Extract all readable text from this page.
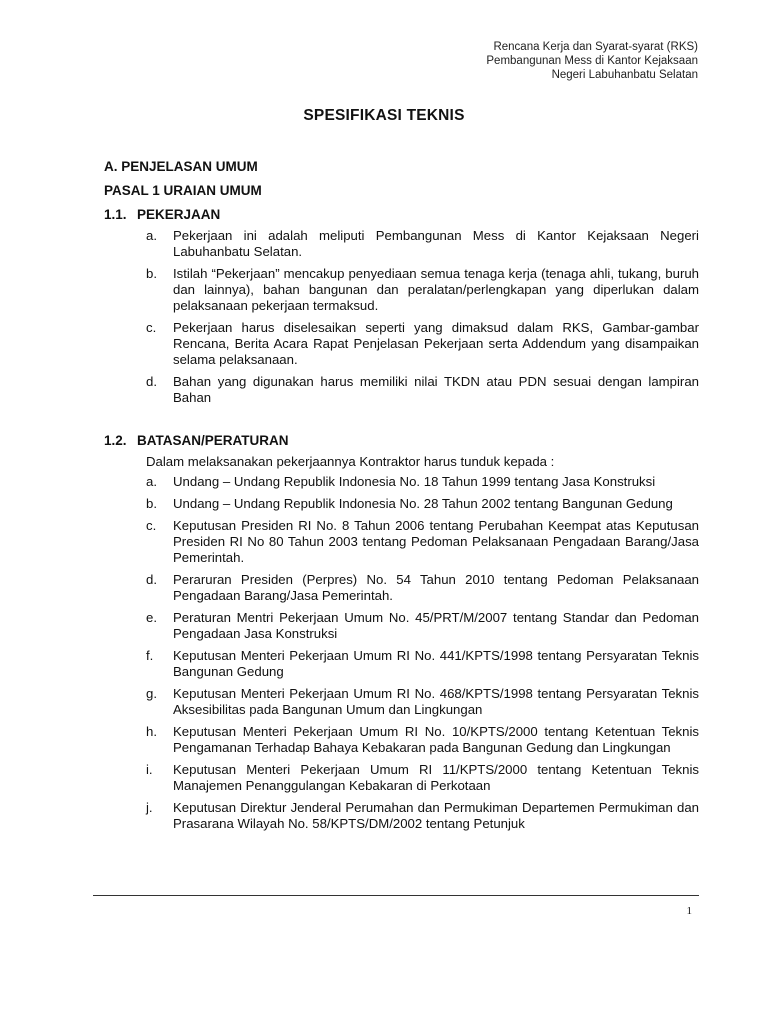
Rencana Kerja dan Syarat-syarat (RKS)
Pembangunan Mess di Kantor Kejaksaan
Negeri Labuhanbatu Selatan
SPESIFIKASI TEKNIS
A. PENJELASAN UMUM
PASAL 1 URAIAN UMUM
1.1. PEKERJAAN
a.	Pekerjaan ini adalah meliputi Pembangunan Mess di Kantor Kejaksaan Negeri Labuhanbatu Selatan.
b.	Istilah “Pekerjaan” mencakup penyediaan semua tenaga kerja (tenaga ahli, tukang, buruh dan lainnya), bahan bangunan dan peralatan/perlengkapan yang diperlukan dalam pelaksanaan pekerjaan termaksud.
c.	Pekerjaan harus diselesaikan seperti yang dimaksud dalam RKS, Gambar-gambar Rencana, Berita Acara Rapat Penjelasan Pekerjaan serta Addendum yang disampaikan selama pelaksanaan.
d.	Bahan yang digunakan harus memiliki nilai TKDN atau PDN sesuai dengan lampiran Bahan
1.2. BATASAN/PERATURAN
Dalam melaksanakan pekerjaannya Kontraktor harus tunduk kepada :
a.	Undang – Undang Republik Indonesia No. 18 Tahun 1999 tentang Jasa Konstruksi
b.	Undang – Undang Republik Indonesia No. 28 Tahun 2002 tentang Bangunan Gedung
c.	Keputusan Presiden RI No. 8 Tahun 2006 tentang Perubahan Keempat atas Keputusan Presiden RI No 80 Tahun 2003 tentang Pedoman Pelaksanaan Pengadaan Barang/Jasa Pemerintah.
d.	Peraruran Presiden (Perpres) No. 54 Tahun 2010 tentang Pedoman Pelaksanaan Pengadaan Barang/Jasa Pemerintah.
e.	Peraturan Mentri Pekerjaan Umum No. 45/PRT/M/2007 tentang Standar dan Pedoman Pengadaan Jasa Konstruksi
f.	Keputusan Menteri Pekerjaan Umum RI No. 441/KPTS/1998 tentang Persyaratan Teknis Bangunan Gedung
g.	Keputusan Menteri Pekerjaan Umum RI No. 468/KPTS/1998 tentang Persyaratan Teknis Aksesibilitas pada Bangunan Umum dan Lingkungan
h.	Keputusan Menteri Pekerjaan Umum RI No. 10/KPTS/2000 tentang Ketentuan Teknis Pengamanan Terhadap Bahaya Kebakaran pada Bangunan Gedung dan Lingkungan
i.	Keputusan Menteri Pekerjaan Umum RI 11/KPTS/2000 tentang Ketentuan Teknis Manajemen Penanggulangan Kebakaran di Perkotaan
j.	Keputusan Direktur Jenderal Perumahan dan Permukiman Departemen Permukiman dan Prasarana Wilayah No. 58/KPTS/DM/2002 tentang Petunjuk
1
